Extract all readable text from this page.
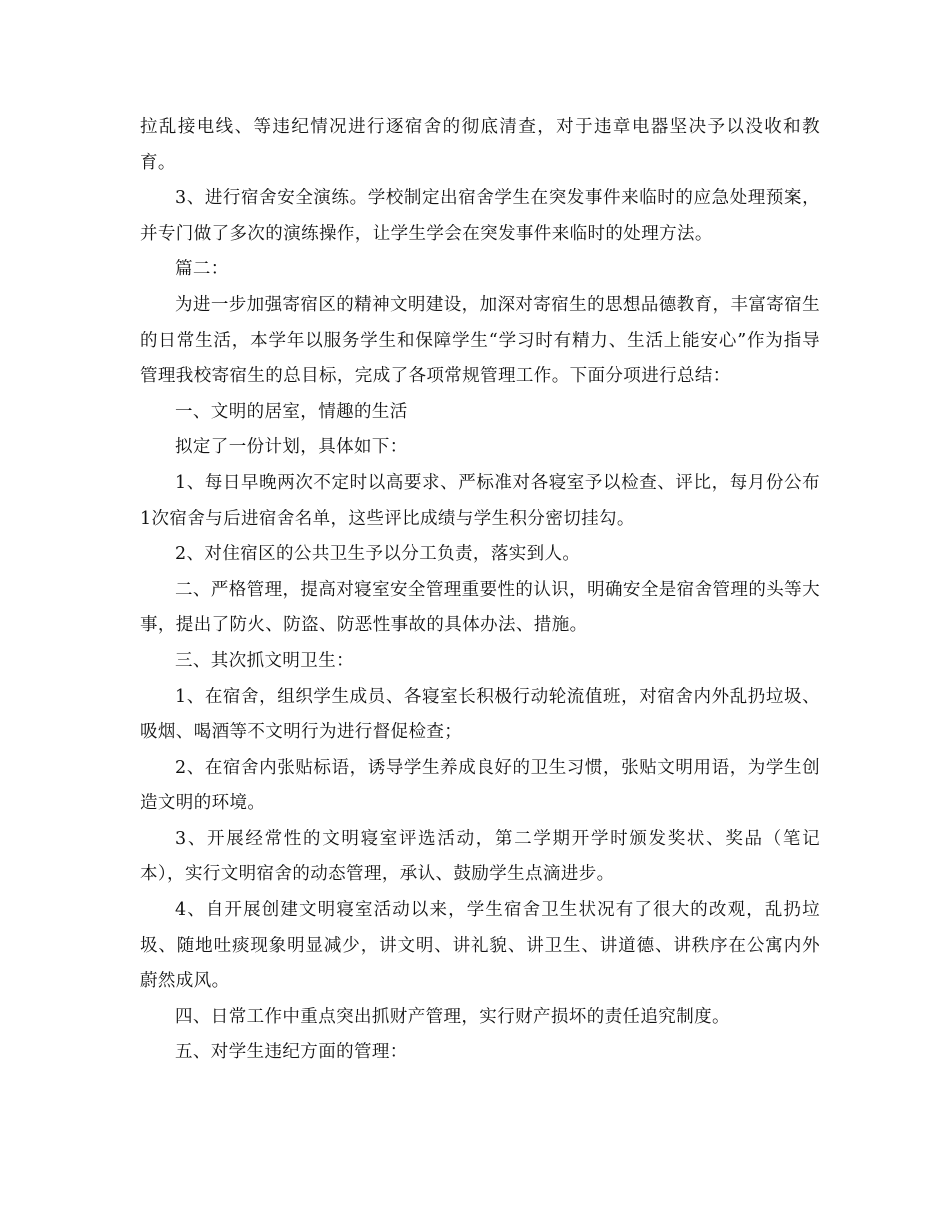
拉乱接电线、等违纪情况进行逐宿舍的彻底清查，对于违章电器坚决予以没收和教育。

3、进行宿舍安全演练。学校制定出宿舍学生在突发事件来临时的应急处理预案，并专门做了多次的演练操作，让学生学会在突发事件来临时的处理方法。

篇二：

为进一步加强寄宿区的精神文明建设，加深对寄宿生的思想品德教育，丰富寄宿生的日常生活，本学年以服务学生和保障学生“学习时有精力、生活上能安心”作为指导管理我校寄宿生的总目标，完成了各项常规管理工作。下面分项进行总结：

一、文明的居室，情趣的生活

拟定了一份计划，具体如下：

1、每日早晚两次不定时以高要求、严标准对各寝室予以检查、评比，每月份公布1次宿舍与后进宿舍名单，这些评比成绩与学生积分密切挂勾。

2、对住宿区的公共卫生予以分工负责，落实到人。

二、严格管理，提高对寝室安全管理重要性的认识，明确安全是宿舍管理的头等大事，提出了防火、防盗、防恶性事故的具体办法、措施。

三、其次抓文明卫生：

1、在宿舍，组织学生成员、各寝室长积极行动轮流值班，对宿舍内外乱扔垃圾、吸烟、喝酒等不文明行为进行督促检查；

2、在宿舍内张贴标语，诱导学生养成良好的卫生习惯，张贴文明用语，为学生创造文明的环境。

3、开展经常性的文明寝室评选活动，第二学期开学时颁发奖状、奖品（笔记本），实行文明宿舍的动态管理，承认、鼓励学生点滴进步。

4、自开展创建文明寝室活动以来，学生宿舍卫生状况有了很大的改观，乱扔垃圾、随地吐痰现象明显减少，讲文明、讲礼貌、讲卫生、讲道德、讲秩序在公寓内外蔚然成风。

四、日常工作中重点突出抓财产管理，实行财产损坏的责任追究制度。

五、对学生违纪方面的管理：
